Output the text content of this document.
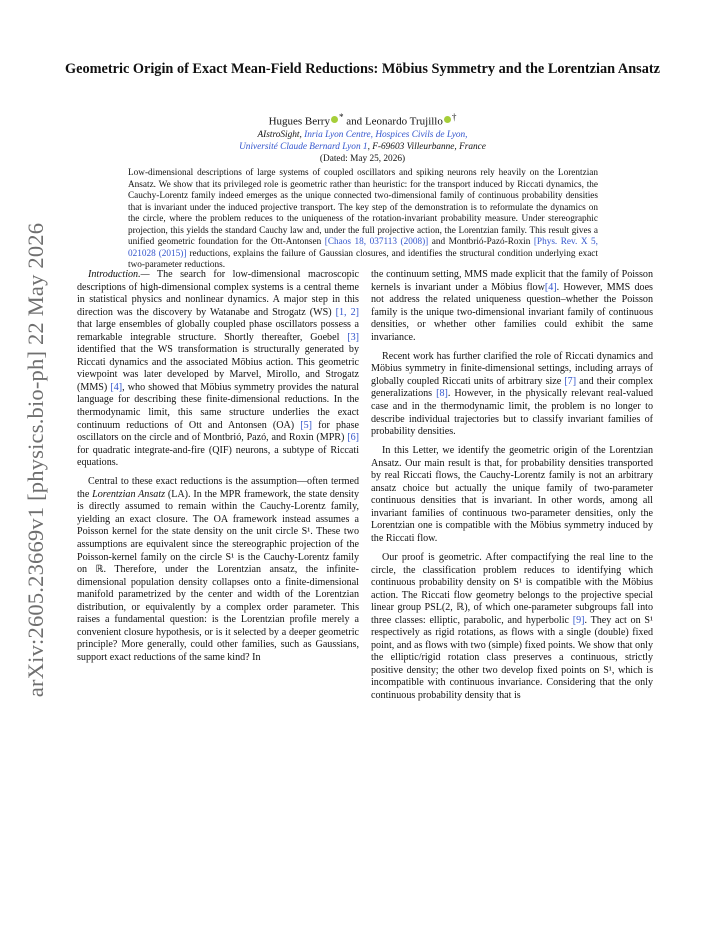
arXiv:2605.23669v1 [physics.bio-ph] 22 May 2026
Geometric Origin of Exact Mean-Field Reductions: Möbius Symmetry and the Lorentzian Ansatz
Hugues Berry * and Leonardo Trujillo †
AIstroSight, Inria Lyon Centre, Hospices Civils de Lyon,
Université Claude Bernard Lyon 1, F-69603 Villeurbanne, France
(Dated: May 25, 2026)

Low-dimensional descriptions of large systems of coupled oscillators and spiking neurons rely heavily on the Lorentzian Ansatz. We show that its privileged role is geometric rather than heuristic: for the transport induced by Riccati dynamics, the Cauchy-Lorentz family indeed emerges as the unique connected two-dimensional family of continuous probability densities that is invariant under the induced projective transport. The key step of the demonstration is to reformulate the dynamics on the circle, where the problem reduces to the uniqueness of the rotation-invariant probability measure. Under stereographic projection, this yields the standard Cauchy law and, under the full projective action, the Lorentzian family. This result gives a unified geometric foundation for the Ott-Antonsen [Chaos 18, 037113 (2008)] and Montbrió-Pazó-Roxin [Phys. Rev. X 5, 021028 (2015)] reductions, explains the failure of Gaussian closures, and identifies the structural condition underlying exact two-parameter reductions.

Introduction.— The search for low-dimensional macroscopic descriptions of high-dimensional complex systems is a central theme in statistical physics and nonlinear dynamics. A major step in this direction was the discovery by Watanabe and Strogatz (WS) [1, 2] that large ensembles of globally coupled phase oscillators possess a remarkable integrable structure. Shortly thereafter, Goebel [3] identified that the WS transformation is structurally generated by Riccati dynamics and the associated Möbius action. This geometric viewpoint was later developed by Marvel, Mirollo, and Strogatz (MMS) [4], who showed that Möbius symmetry provides the natural language for describing these finite-dimensional reductions. In the thermodynamic limit, this same structure underlies the exact continuum reductions of Ott and Antonsen (OA) [5] for phase oscillators on the circle and of Montbrió, Pazó, and Roxin (MPR) [6] for quadratic integrate-and-fire (QIF) neurons, a subtype of Riccati equations.

Central to these exact reductions is the assumption—often termed the Lorentzian Ansatz (LA). In the MPR framework, the state density is directly assumed to remain within the Cauchy-Lorentz family, yielding an exact closure. The OA framework instead assumes a Poisson kernel for the state density on the unit circle S¹. These two assumptions are equivalent since the stereographic projection of the Poisson-kernel family on the circle S¹ is the Cauchy-Lorentz family on ℝ. Therefore, under the Lorentzian ansatz, the infinite-dimensional population density collapses onto a finite-dimensional manifold parametrized by the center and width of the Lorentzian distribution, or equivalently by a complex order parameter. This raises a fundamental question: is the Lorentzian profile merely a convenient closure hypothesis, or is it selected by a deeper geometric principle? More generally, could other families, such as Gaussians, support exact reductions of the same kind? In

the continuum setting, MMS made explicit that the family of Poisson kernels is invariant under a Möbius flow[4]. However, MMS does not address the related uniqueness question–whether the Poisson family is the unique two-dimensional invariant family of continuous densities, or whether other families could exhibit the same invariance.

Recent work has further clarified the role of Riccati dynamics and Möbius symmetry in finite-dimensional settings, including arrays of globally coupled Riccati units of arbitrary size [7] and their complex generalizations [8]. However, in the physically relevant real-valued case and in the thermodynamic limit, the problem is no longer to describe individual trajectories but to classify invariant families of probability densities.

In this Letter, we identify the geometric origin of the Lorentzian Ansatz. Our main result is that, for probability densities transported by real Riccati flows, the Cauchy-Lorentz family is not an arbitrary ansatz choice but actually the unique family of two-parameter continuous densities that is invariant. In other words, among all invariant families of continuous two-parameter densities, only the Lorentzian one is compatible with the Möbius symmetry induced by the Riccati flow.

Our proof is geometric. After compactifying the real line to the circle, the classification problem reduces to identifying which continuous probability density on S¹ is compatible with the Möbius action. The Riccati flow geometry belongs to the projective special linear group PSL(2, ℝ), of which one-parameter subgroups fall into three classes: elliptic, parabolic, and hyperbolic [9]. They act on S¹ respectively as rigid rotations, as flows with a single (double) fixed point, and as flows with two (simple) fixed points. We show that only the elliptic/rigid rotation class preserves a continuous, strictly positive density; the other two develop fixed points on S¹, which is incompatible with continuous invariance. Considering that the only continuous probability density that is
